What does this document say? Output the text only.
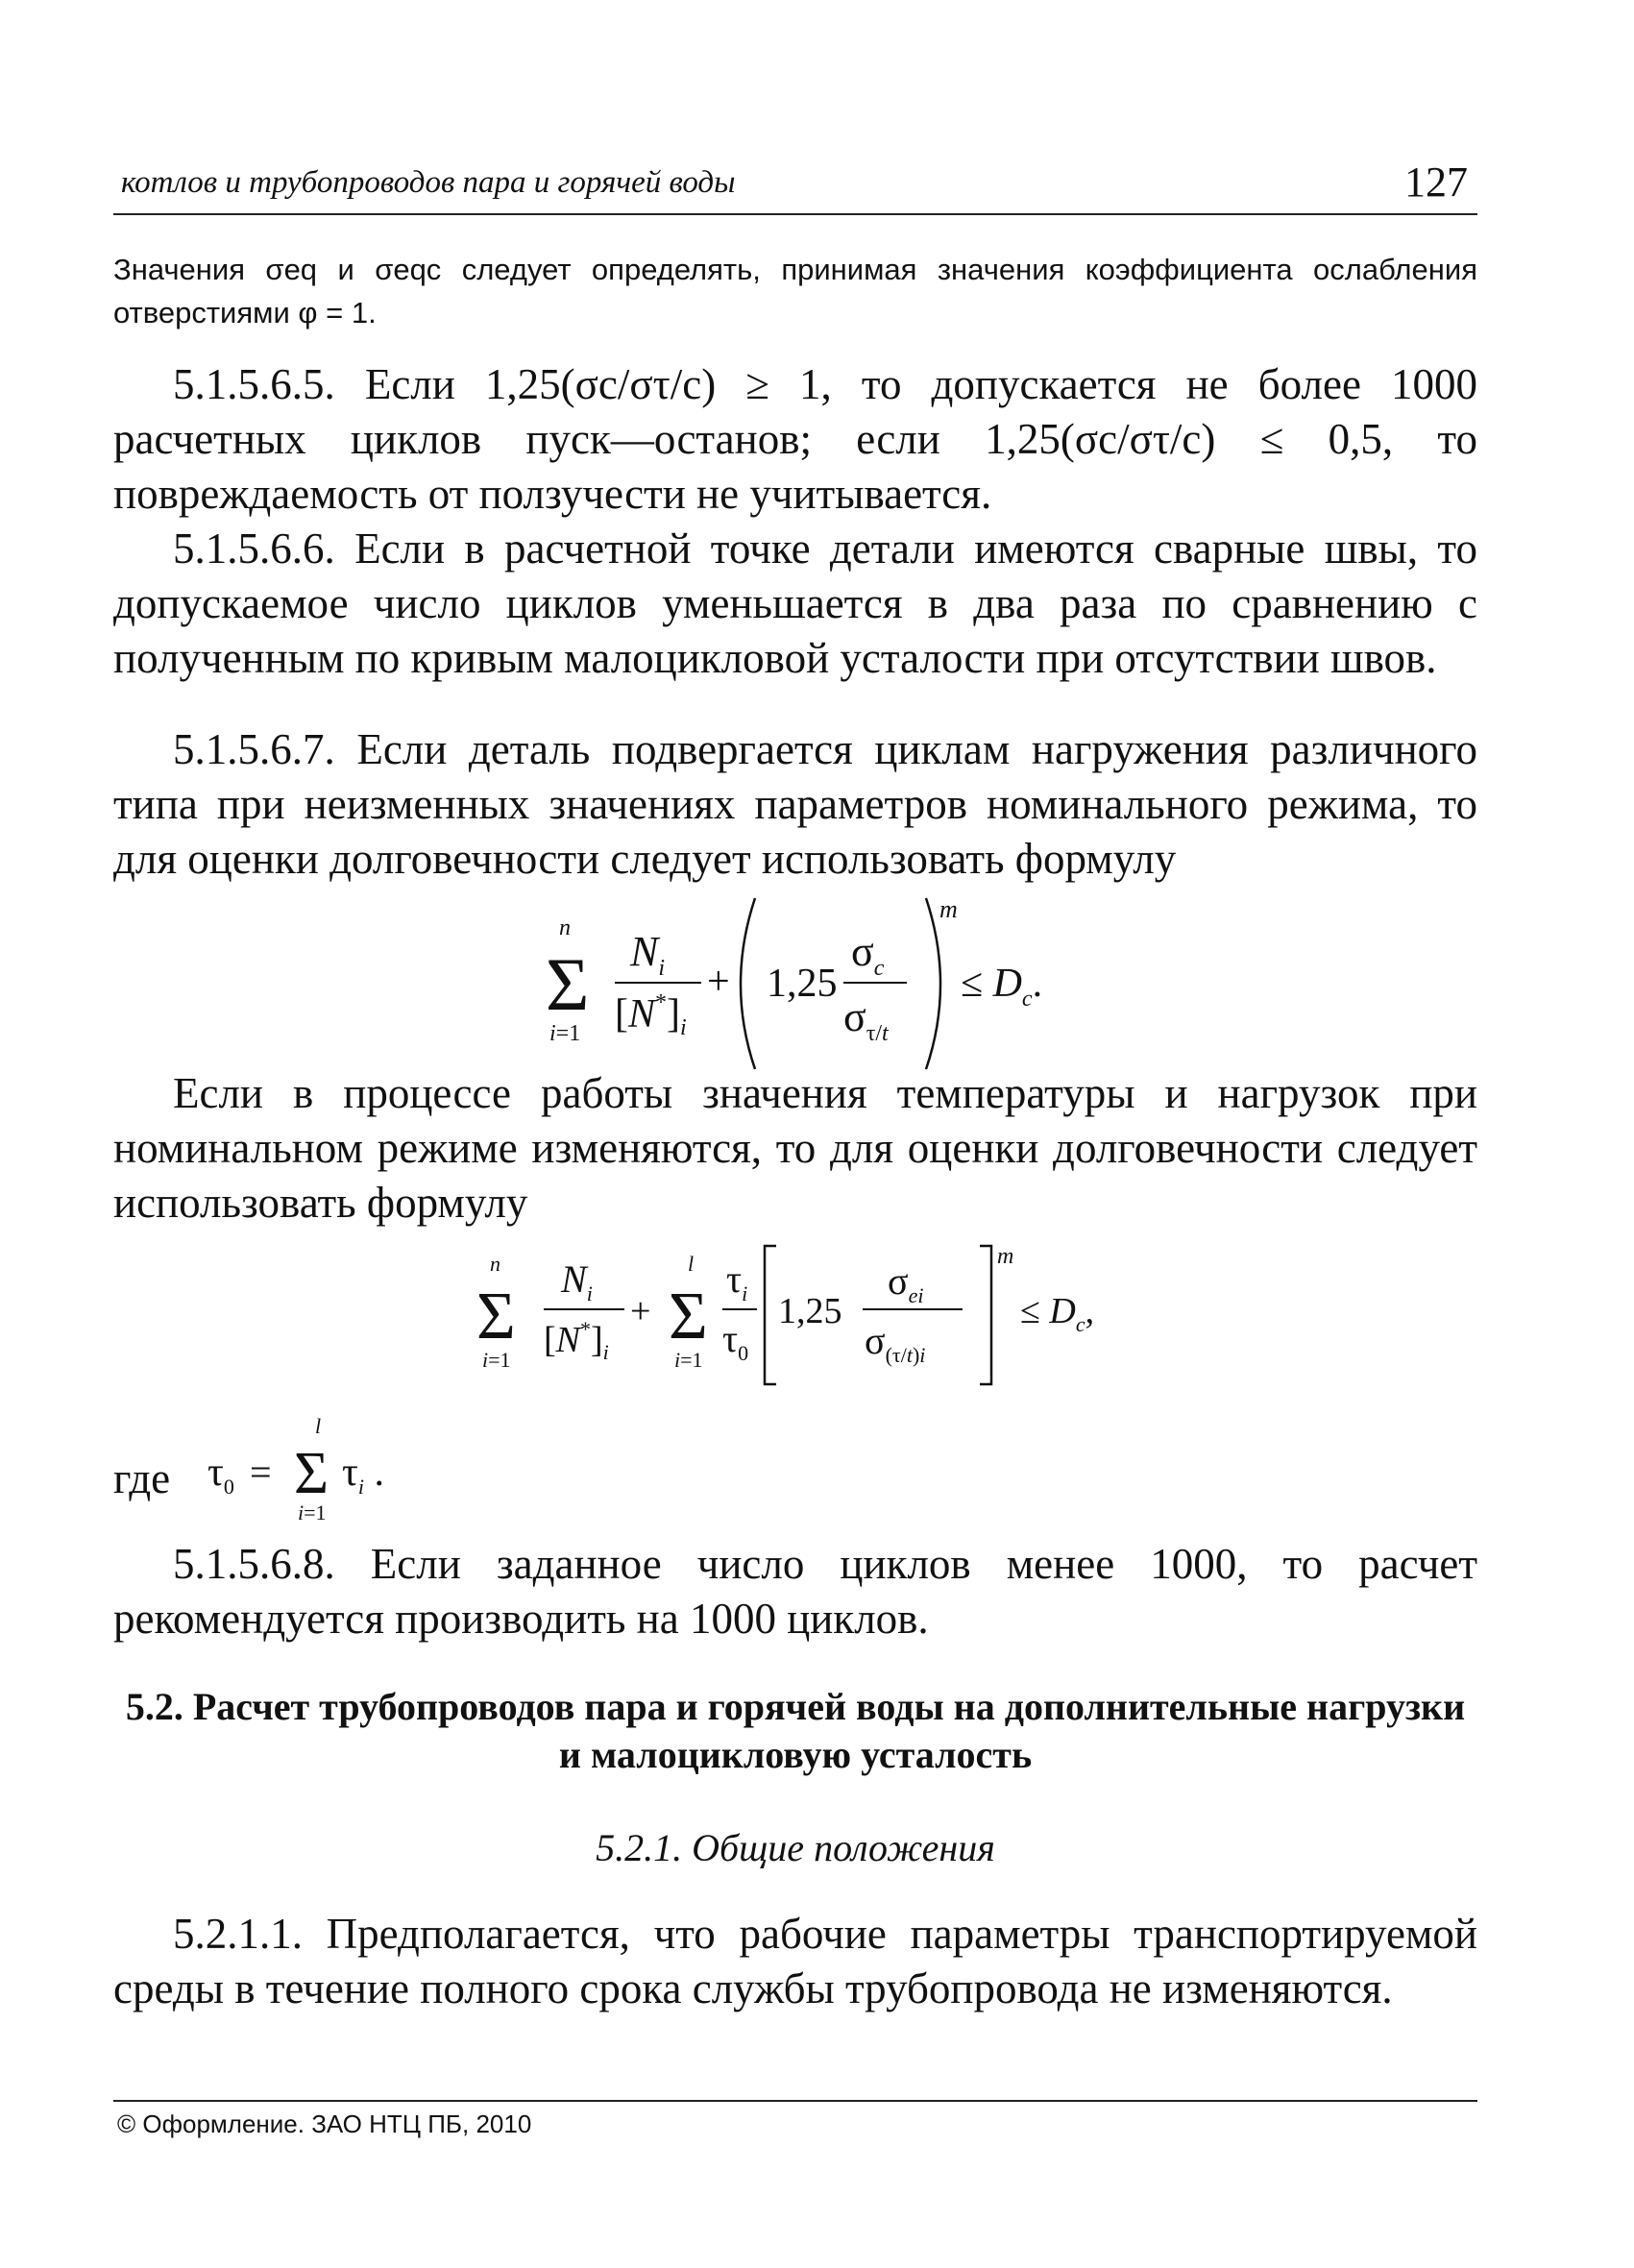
котлов и трубопроводов пара и горячей воды	127

Значения σeq и σeqc следует определять, принимая значения коэффициента ослабления отверстиями φ = 1.

5.1.5.6.5. Если 1,25(σc/στ/c) ≥ 1, то допускается не более 1000 расчетных циклов пуск—останов; если 1,25(σc/στ/c) ≤ 0,5, то повреждаемость от ползучести не учитывается.

5.1.5.6.6. Если в расчетной точке детали имеются сварные швы, то допускаемое число циклов уменьшается в два раза по сравнению с полученным по кривым малоцикловой усталости при отсутствии швов.

5.1.5.6.7. Если деталь подвергается циклам нагружения различного типа при неизменных значениях параметров номинального режима, то для оценки долговечности следует использовать формулу

n
Σ
i=1
$N_i$
[N*]i
+ 1,25
$\sigma_c$
$\sigma_{\tau/t}$
m
≤ $D_c$.

Если в процессе работы значения температуры и нагрузок при номинальном режиме изменяются, то для оценки долговечности следует использовать формулу

n
Σ
i=1
$N_i$
$[N^*]_i$
+
l
Σ
i=1
$\tau_i$
$\tau_0$
1,25
$\sigma_{ei}$
$\sigma_{(\tau/t)i}$
m
≤ $D_c$,
где $\tau_0$ =
l
Σ
i=1
$\tau_i$ .

5.1.5.6.8. Если заданное число циклов менее 1000, то расчет рекомендуется производить на 1000 циклов.

5.2. Расчет трубопроводов пара и горячей воды на дополнительные нагрузки и малоцикловую усталость
5.2.1. Общие положения

5.2.1.1. Предполагается, что рабочие параметры транспортируемой среды в течение полного срока службы трубопровода не изменяются.

© Оформление. ЗАО НТЦ ПБ, 2010
